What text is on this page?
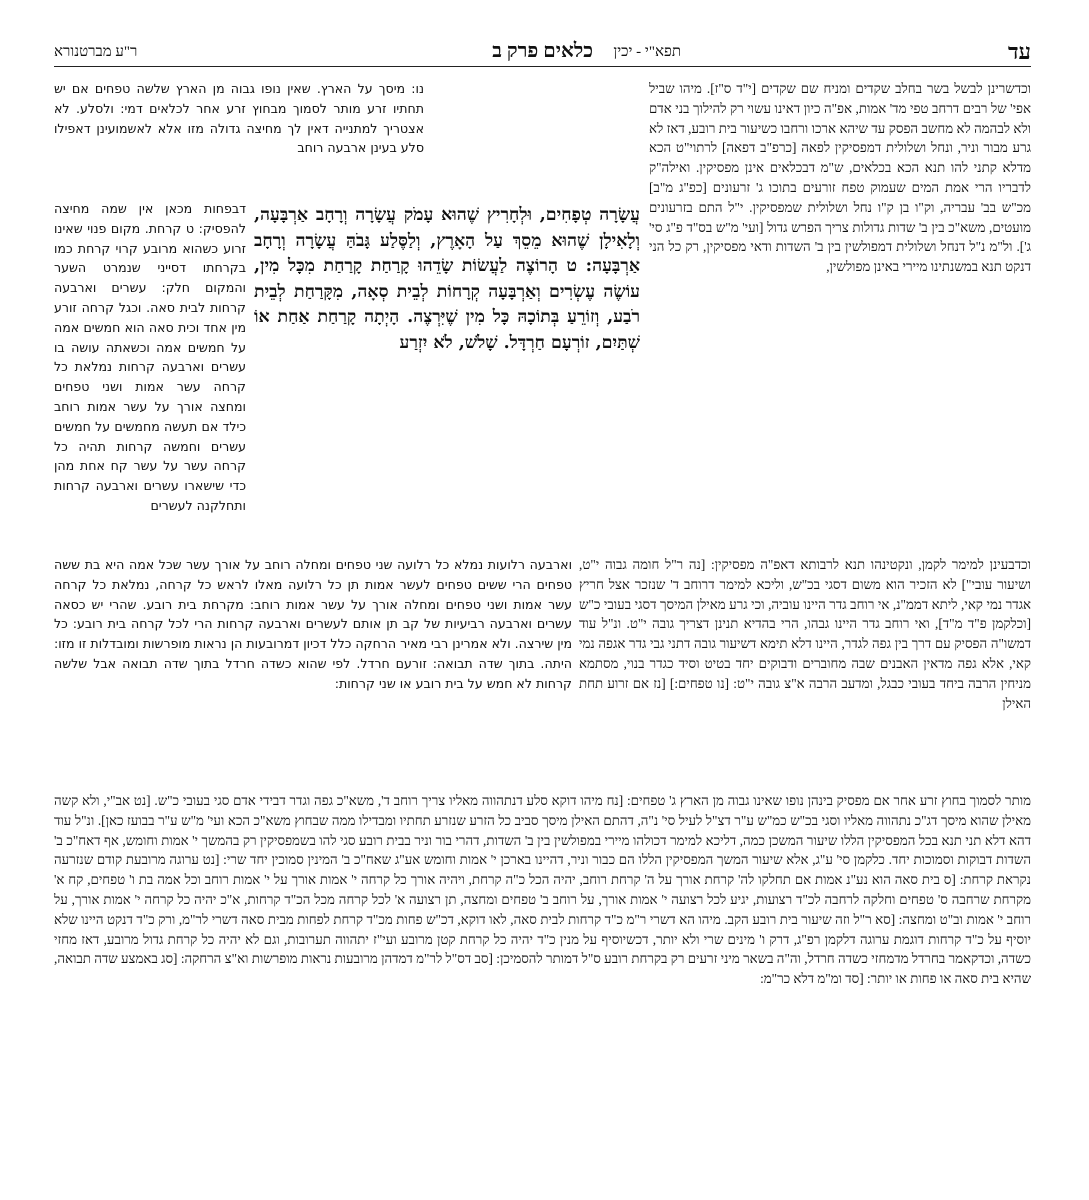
עד
תפא"י - יכין
כלאים פרק ב
ר"ע מברטנורא

וכדשרינן לבשל בשר בחלב שקדים ומניח שם שקדים [י"ד ס"ז]. מיהו שביל אפי' של רבים דרחב טפי מד' אמות, אפ"ה כיון דאינו עשוי רק להילוך בני אדם ולא לבהמה לא מחשב הפסק עד שיהא ארכו ורחבו כשיעור בית רובע, דאז לא גרע מבור וניר, ונחל ושלולית דמפסיקין לפאה [כרפ"ב דפאה] לרתוי"ט הכא מדלא קתני להו תנא הכא בכלאים, ש"מ דבכלאים אינן מפסיקין. ואילה"ק לדבריו הרי אמת המים שעמוק טפח זורעים בתוכו ג' זרעונים [כפ"ג מ"ב] מכ"ש בב' עבריה, וק"ו בן ק"ו נחל ושלולית שמפסיקין. י"ל התם בזרעונים מועטים, משא"כ בין ב' שדות גדולות צריך הפרש גדול [ועי' מ"ש בס"ד פ"ג סי' ג']. ול"מ נ"ל דנחל ושלולית דמפולשין בין ב' השדות ודאי מפסיקין, רק כל הני דנקט תנא במשנתינו מיירי באינן מפולשין,

נו: מיסך על הארץ. שאין נופו גבוה מן הארץ שלשה טפחים אם יש תחתיו זרע מותר לסמוך מבחוץ זרע אחר לכלאים דמי: ולסלע. לא אצטריך למתנייה דאין לך מחיצה גדולה מזו אלא לאשמועינן דאפילו סלע בעינן ארבעה רוחב

עֲשָׂרָה טְפָחִים, וּלְחָרִיץ שֶׁהוּא עָמֹק עֲשָׂרָה וְרָחָב אַרְבָּעָה, וְלָאִילָן שֶׁהוּא מֵסֵךְ עַל הָאָרֶץ, וְלַסֶּלַע גָּבֹהַּ עֲשָׂרָה וְרָחָב אַרְבָּעָה: ט הָרוֹצֶה לַעֲשׂוֹת שָׂדֵהוּ קָרַחַת קָרַחַת מִכָּל מִין, עוֹשֶׂה עֶשְׂרִים וְאַרְבָּעָה קְרָחוֹת לְבֵית סְאָה, מִקָּרַחַת לְבֵית רֹבַע, וְזוֹרֵעַ בְּתוֹכָהּ כָּל מִין שֶׁיִּרְצֶה. הָיְתָה קָרַחַת אַחַת אוֹ שְׁתַּיִם, זוֹרְעָם חַרְדָּל. שָׁלֹשׁ, לֹא יִזְרַע

דבפחות מכאן אין שמה מחיצה להפסיק: ט קרחת. מקום פנוי שאינו זרוע כשהוא מרובע קרוי קרחת כמו בקרחתו דסייני שנמרט השער והמקום חלק: עשרים וארבעה קרחות לבית סאה. וכגל קרחה זורע מין אחד וכית סאה הוא חמשים אמה על חמשים אמה וכשאתה עושה בו עשרים וארבעה קרחות נמלאת כל קרחה עשר אמות ושני טפחים ומחצה אורך על עשר אמות רוחב כילד אם תעשה מחמשים על חמשים עשרים וחמשה קרחות תהיה כל קרחה עשר על עשר קח אחת מהן כדי שישארו עשרים וארבעה קרחות ותחלקנה לעשרים

וכדבעינן למימר לקמן, ונקטינהו תנא לרבותא דאפ"ה מפסיקין: [נה ר"ל חומה גבוה י"ט, ושיעור עובי"] לא הזכיר הוא משום דסגי בכ"ש, וליכא למימר דרוחב ד' שנזכר אצל חריץ אגדר נמי קאי, ליתא דממ"נ, אי רוחב גדר היינו עוביה, וכי גרע מאילן המיסך דסגי בעובי כ"ש [וכלקמן פ"ד מ"ד], ואי רוחב גדר היינו גבהו, הרי בהדיא תנינן דצריך גובה י"ט. ונ"ל עוד דמשו"ה הפסיק עם דרך בין גפה לגדר, היינו דלא תימא דשיעור גובה דתני גבי גדר אגפה נמי קאי, אלא גפה מדאין האבנים שבה מחוברים ודבוקים יחד בטיט וסיד כגדר בנוי, מסתמא מניחין הרבה ביחד בעובי כבגל, ומדעב הרבה א"צ גובה י"ט: [נו טפחים:] [נז אם זרוע תחת האילן

וארבעה רלועות נמלא כל רלועה שני טפחים ומחלה רוחב על אורך עשר שכל אמה היא בת ששה טפחים הרי ששים טפחים לעשר אמות תן כל רלועה מאלו לראש כל קרחה, נמלאת כל קרחה עשר אמות ושני טפחים ומחלה אורך על עשר אמות רוחב: מקרחת בית רובע. שהרי יש כסאה עשרים וארבעה רביעיות של קב תן אותם לעשרים וארבעה קרחות הרי לכל קרחה בית רובע: כל מין שירצה. ולא אמרינן רבי מאיר הרחקה כלל דכיון דמרובעות הן נראות מופרשות ומובדלות זו מזו: היתה. בתוך שדה תבואה: זורעם חרדל. לפי שהוא כשדה חרדל בתוך שדה תבואה אבל שלשה קרחות לא חמש על בית רובע או שני קרחות:

מותר לסמוך בחוץ זרע אחר אם מפסיק בינהן נופו שאינו גבוה מן הארץ ג' טפחים: [נח מיהו דוקא סלע דנתהווה מאליו צריך רוחב ד', משא"כ גפה וגדר דבידי אדם סגי בעובי כ"ש. [נט אב"י, ולא קשה מאילן שהוא מיסך דג"כ נתהווה מאליו וסגי בכ"ש כמ"ש ע"ר דצ"ל לעיל סי' נ"ה, דהתם האילן מיסך סביב כל הזרע שנזרע תחתיו ומבדילו ממה שבחוץ משא"כ הכא ועי' מ"ש ע"ר בבועז כאן]. ונ"ל עוד דהא דלא תני תנא בכל המפסיקין הללו שיעור המשכן כמה, דליכא למימר דכולהו מיירי במפולשין בין ב' השדות, דהרי בור וניר בבית רובע סגי להו בשמפסיקין רק בהמשך י' אמות וחומש, אף דאח"כ ב' השדות דבוקות וסמוכות יחד. כלקמן סי' ע"ג, אלא שיעור המשך המפסיקין הללו הם כבור וניר, דהיינו בארכן י' אמות וחומש אע"ג שאח"כ ב' המינין סמוכין יחד שרי: [נט ערוגה מרובעת קודם שנזרעה נקראת קרחת: [ס בית סאה הוא נע"נ אמות אם תחלקו לה' קרחת אורך על ה' קרחת רוחב, יהיה הכל כ"ה קרחת, ויהיה אורך כל קרחה י' אמות אורך על י' אמות רוחב וכל אמה בת ו' טפחים, קח א' מקרחת שרחבה ס' טפחים וחלקה לרחבה לכ"ד רצועות, יגיע לכל רצועה י' אמות אורך, על רוחב ב' טפחים ומחצה, תן רצועה א' לכל קרחה מכל הכ"ד קרחות, א"כ יהיה כל קרחה י' אמות אורך, על רוחב י' אמות וב"ט ומחצה: [סא ר"ל וזה שיעור בית רובע הקב. מיהו הא דשרי ר"מ כ"ד קרחות לבית סאה, לאו דוקא, דכ"ש פחות מכ"ד קרחת לפחות מבית סאה דשרי לר"מ, ורק כ"ד דנקט היינו שלא יוסיף על כ"ד קרחות דוגמת ערוגה דלקמן רפ"ג, דרק ו' מינים שרי ולא יותר, דכשיוסיף על מנין כ"ד יהיה כל קרחת קטן מרובע ועי"ז יתהווה תערובות, וגם לא יהיה כל קרחת גדול מרובע, דאז מחזי כשדה, וכדקאמר בחרדל מדמחזי כשדה חרדל, וה"ה בשאר מיני זרעים רק בקרחת רובע ס"ל דמותר להסמיכן: [סב דס"ל לר"מ דמדהן מרובעות נראות מופרשות וא"צ הרחקה: [סג באמצע שדה תבואה, שהיא בית סאה או פחות או יותר: [סד ומ"מ דלא כר"מ:
